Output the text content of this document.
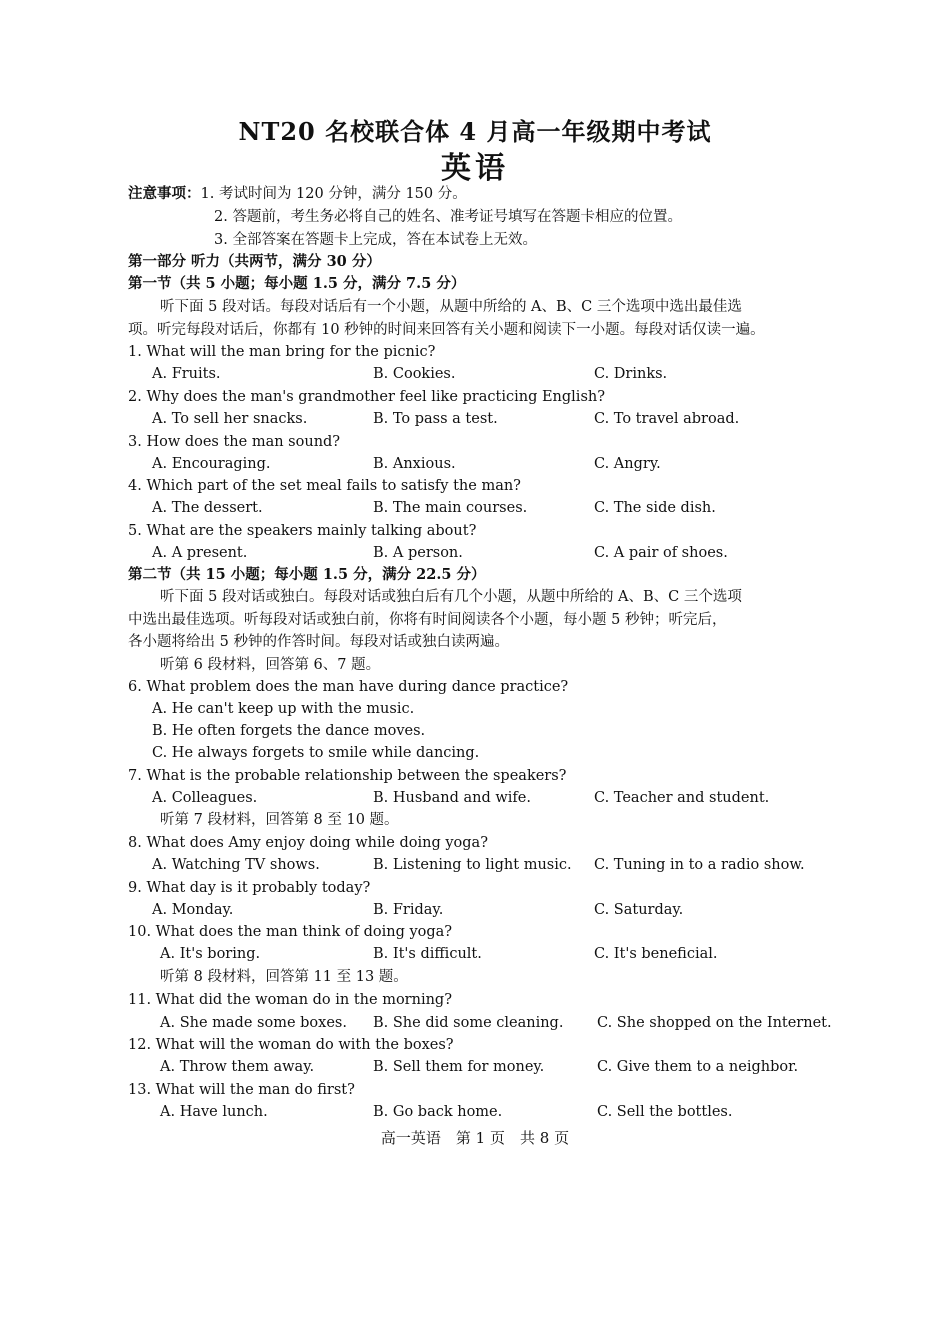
NT20 名校联合体 4 月高一年级期中考试
英语
注意事项：1. 考试时间为 120 分钟，满分 150 分。
2. 答题前，考生务必将自己的姓名、准考证号填写在答题卡相应的位置。
3. 全部答案在答题卡上完成，答在本试卷上无效。
第一部分 听力（共两节，满分 30 分）
第一节（共 5 小题；每小题 1.5 分，满分 7.5 分）
听下面 5 段对话。每段对话后有一个小题，从题中所给的 A、B、C 三个选项中选出最佳选
项。听完每段对话后，你都有 10 秒钟的时间来回答有关小题和阅读下一小题。每段对话仅读一遍。
1. What will the man bring for the picnic?
A. Fruits.	B. Cookies.	C. Drinks.
2. Why does the man's grandmother feel like practicing English?
A. To sell her snacks.	B. To pass a test.	C. To travel abroad.
3. How does the man sound?
A. Encouraging.	B. Anxious.	C. Angry.
4. Which part of the set meal fails to satisfy the man?
A. The dessert.	B. The main courses.	C. The side dish.
5. What are the speakers mainly talking about?
A. A present.	B. A person.	C. A pair of shoes.
第二节（共 15 小题；每小题 1.5 分，满分 22.5 分）
听下面 5 段对话或独白。每段对话或独白后有几个小题，从题中所给的 A、B、C 三个选项
中选出最佳选项。听每段对话或独白前，你将有时间阅读各个小题，每小题 5 秒钟；听完后，
各小题将给出 5 秒钟的作答时间。每段对话或独白读两遍。
听第 6 段材料，回答第 6、7 题。
6. What problem does the man have during dance practice?
A. He can't keep up with the music.
B. He often forgets the dance moves.
C. He always forgets to smile while dancing.
7. What is the probable relationship between the speakers?
A. Colleagues.	B. Husband and wife.	C. Teacher and student.
听第 7 段材料，回答第 8 至 10 题。
8. What does Amy enjoy doing while doing yoga?
A. Watching TV shows.	B. Listening to light music. C. Tuning in to a radio show.
9. What day is it probably today?
A. Monday.	B. Friday.	C. Saturday.
10. What does the man think of doing yoga?
A. It's boring.	B. It's difficult.	C. It's beneficial.
听第 8 段材料，回答第 11 至 13 题。
11. What did the woman do in the morning?
A. She made some boxes. B. She did some cleaning. C. She shopped on the Internet.
12. What will the woman do with the boxes?
A. Throw them away.	B. Sell them for money.	C. Give them to a neighbor.
13. What will the man do first?
A. Have lunch.	B. Go back home.	C. Sell the bottles.
高一英语　第 1 页　共 8 页
